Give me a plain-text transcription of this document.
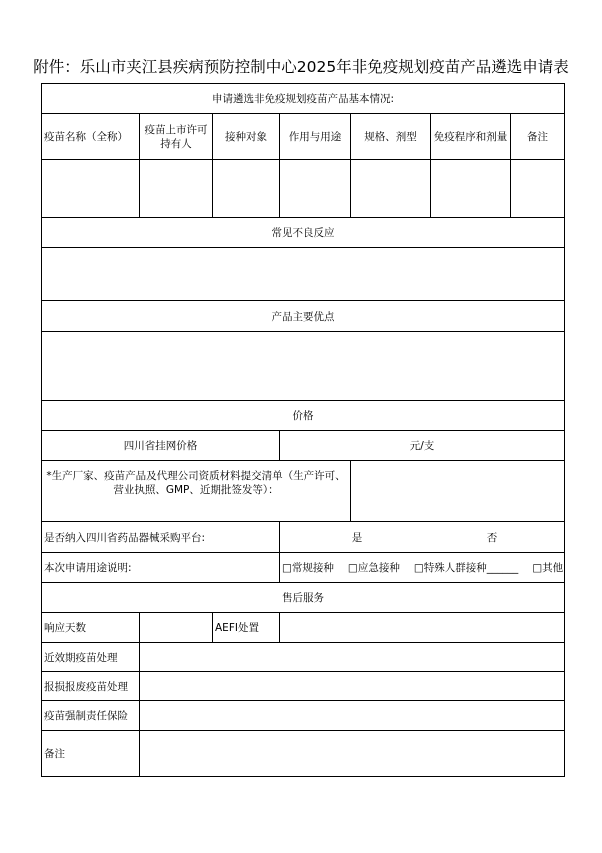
附件：乐山市夹江县疾病预防控制中心2025年非免疫规划疫苗产品遴选申请表
申请遴选非免疫规划疫苗产品基本情况:						
疫苗名称（全称）	疫苗上市许可持有人	接种对象	作用与用途	规格、剂型	免疫程序和剂量	备注

常见不良反应						

产品主要优点						

价格						
四川省挂网价格			元/支			
*生产厂家、疫苗产品及代理公司资质材料提交清单（生产许可、营业执照、GMP、近期批签发等）：						
是否纳入四川省药品器械采购平台:			是 否			
本次申请用途说明:			□常规接种 □应急接种 □特殊人群接种______ □其他			
售后服务						
响应天数		AEFI处置				
近效期疫苗处理						
报损报废疫苗处理						
疫苗强制责任保险						
备注						
